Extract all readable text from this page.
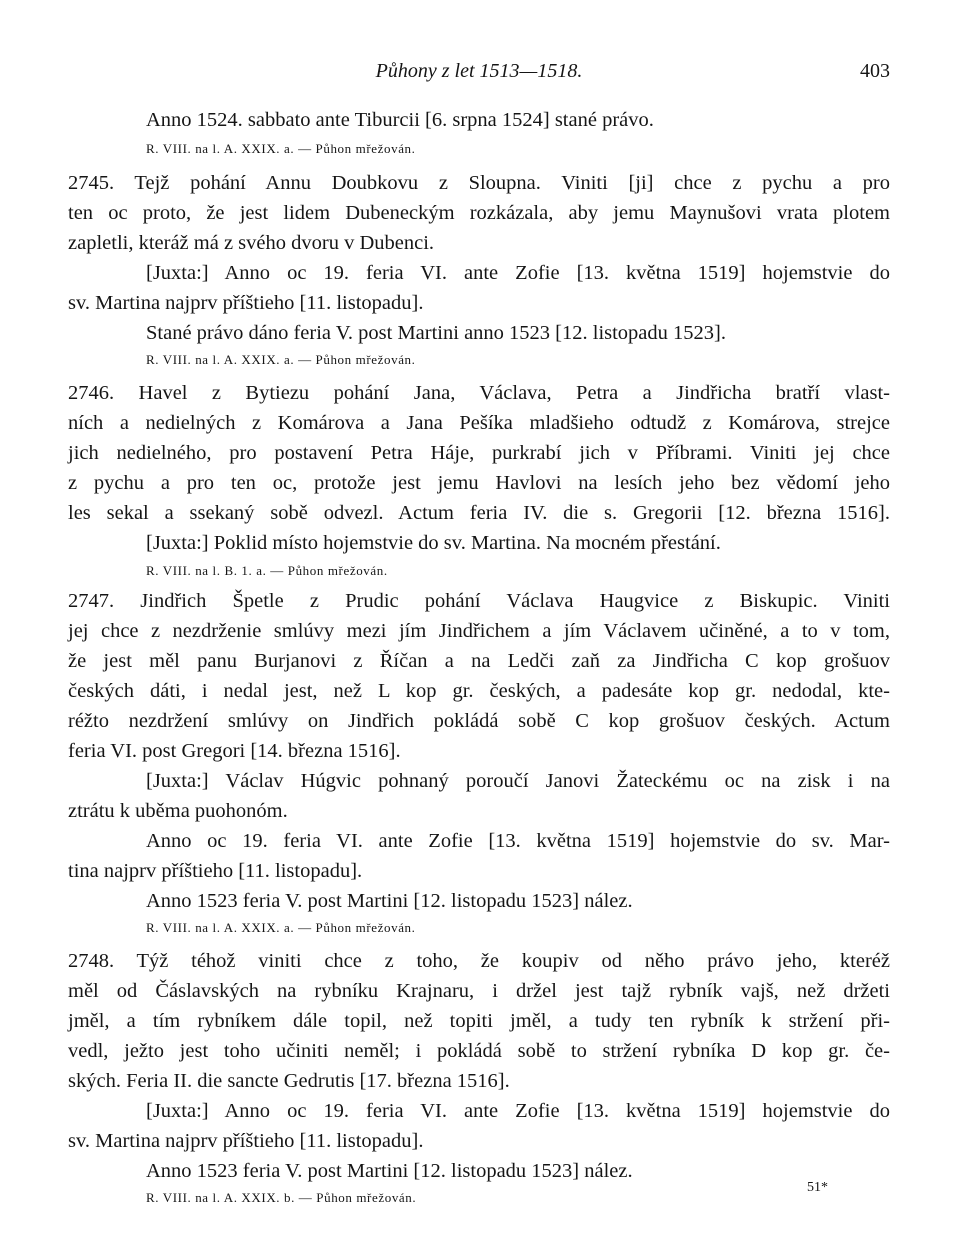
Půhony z let 1513—1518.	403
Anno 1524. sabbato ante Tiburcii [6. srpna 1524] stané právo.
R. VIII. na l. A. XXIX. a. — Půhon mřežován.
2745. Tejž pohání Annu Doubkovu z Sloupna. Viniti [ji] chce z pychu a pro
ten oc proto, že jest lidem Dubeneckým rozkázala, aby jemu Maynušovi vrata plotem
zapletli, kteráž má z svého dvoru v Dubenci.
[Juxta:] Anno oc 19. feria VI. ante Zofie [13. května 1519] hojemstvie do
sv. Martina najprv příštieho [11. listopadu].
Stané právo dáno feria V. post Martini anno 1523 [12. listopadu 1523].
R. VIII. na l. A. XXIX. a. — Půhon mřežován.
2746. Havel z Bytiezu pohání Jana, Václava, Petra a Jindřicha bratří vlast-
ních a nedielných z Komárova a Jana Pešíka mladšieho odtudž z Komárova, strejce
jich nedielného, pro postavení Petra Háje, purkrabí jich v Příbrami. Viniti jej chce
z pychu a pro ten oc, protože jest jemu Havlovi na lesích jeho bez vědomí jeho
les sekal a ssekaný sobě odvezl. Actum feria IV. die s. Gregorii [12. března 1516].
[Juxta:] Poklid místo hojemstvie do sv. Martina. Na mocném přestání.
R. VIII. na l. B. 1. a. — Půhon mřežován.
2747. Jindřich Špetle z Prudic pohání Václava Haugvice z Biskupic. Viniti
jej chce z nezdrženie smlúvy mezi jím Jindřichem a jím Václavem učiněné, a to v tom,
že jest měl panu Burjanovi z Říčan a na Ledči zaň za Jindřicha C kop grošuov
českých dáti, i nedal jest, než L kop gr. českých, a padesáte kop gr. nedodal, kte-
réžto nezdržení smlúvy on Jindřich pokládá sobě C kop grošuov českých. Actum
feria VI. post Gregori [14. března 1516].
[Juxta:] Václav Húgvic pohnaný poroučí Janovi Žateckému oc na zisk i na
ztrátu k uběma puohonóm.
Anno oc 19. feria VI. ante Zofie [13. května 1519] hojemstvie do sv. Mar-
tina najprv příštieho [11. listopadu].
Anno 1523 feria V. post Martini [12. listopadu 1523] nález.
R. VIII. na l. A. XXIX. a. — Půhon mřežován.
2748. Týž téhož viniti chce z toho, že koupiv od něho právo jeho, kteréž
měl od Čáslavských na rybníku Krajnaru, i držel jest tajž rybník vajš, než držeti
jměl, a tím rybníkem dále topil, než topiti jměl, a tudy ten rybník k stržení při-
vedl, ježto jest toho učiniti neměl; i pokládá sobě to stržení rybníka D kop gr. če-
ských. Feria II. die sancte Gedrutis [17. března 1516].
[Juxta:] Anno oc 19. feria VI. ante Zofie [13. května 1519] hojemstvie do
sv. Martina najprv příštieho [11. listopadu].
Anno 1523 feria V. post Martini [12. listopadu 1523] nález.
R. VIII. na l. A. XXIX. b. — Půhon mřežován.
51*
